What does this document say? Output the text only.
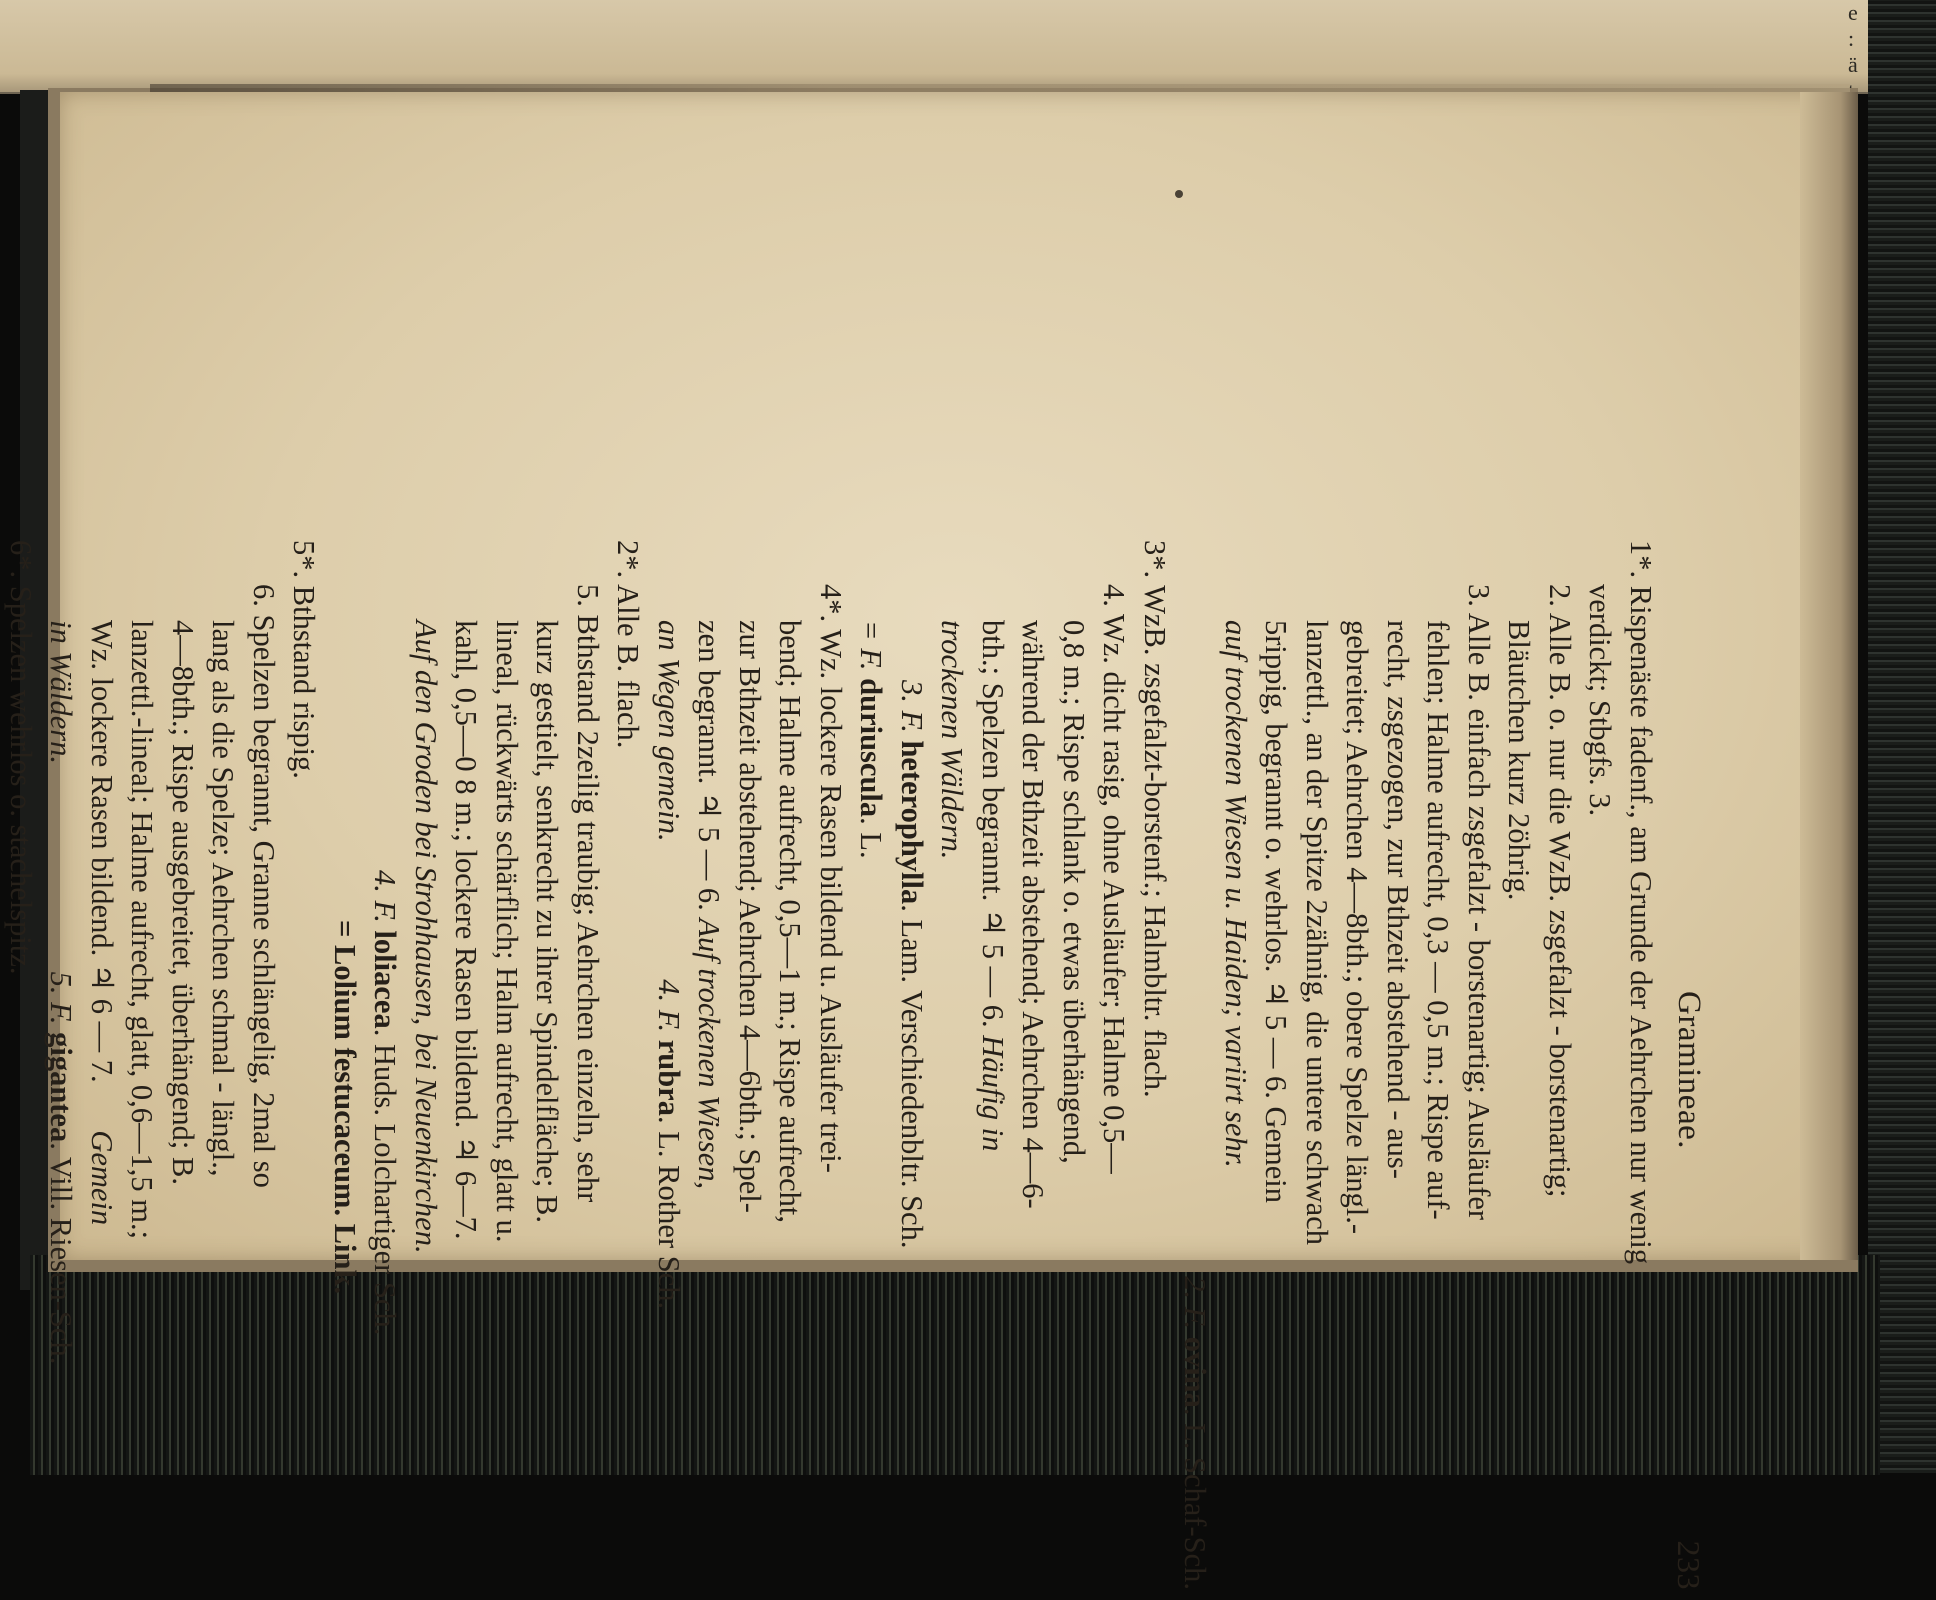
e
:
ä

Gramineae.
233
1*. Rispenäste fadenf., am Grunde der Aehrchen nur wenig
verdickt; Stbgfs. 3.
2. Alle B. o. nur die WzB. zsgefalzt - borstenartig;
Bläutchen kurz 2öhrig.
3. Alle B. einfach zsgefalzt - borstenartig; Ausläufer
fehlen; Halme aufrecht, 0,3 — 0,5 m.; Rispe auf-
recht, zsgezogen, zur Bthzeit abstehend - aus-
gebreitet; Aehrchen 4—8bth.; obere Spelze längl.-
lanzettl., an der Spitze 2zähnig, die untere schwach
5rippig, begrannt o. wehrlos. ♃ 5 — 6. Gemein
auf trockenen Wiesen u. Haiden; variirt sehr.
2. F. ovina. L. Schaf-Sch.
3*. WzB. zsgefalzt-borstenf.; Halmbltr. flach.
4. Wz. dicht rasig, ohne Ausläufer; Halme 0,5—
0,8 m.; Rispe schlank o. etwas überhängend,
während der Bthzeit abstehend; Aehrchen 4—6-
bth.; Spelzen begrannt. ♃ 5 — 6. Häufig in
trockenen Wäldern.
3. F. heterophylla. Lam. Verschiedenbltr. Sch.
= F. duriuscula. L.
4*. Wz. lockere Rasen bildend u. Ausläufer trei-
bend; Halme aufrecht, 0,5—1 m.; Rispe aufrecht,
zur Bthzeit abstehend; Aehrchen 4—6bth.; Spel-
zen begrannt. ♃ 5 — 6. Auf trockenen Wiesen,
an Wegen gemein. 4. F. rubra. L. Rother Sch.
2*. Alle B. flach.
5. Bthstand 2zeilig traubig; Aehrchen einzeln, sehr
kurz gestielt, senkrecht zu ihrer Spindelfläche; B.
lineal, rückwärts schärflich; Halm aufrecht, glatt u.
kahl, 0,5—0 8 m.; lockere Rasen bildend. ♃ 6—7.
Auf den Groden bei Strohhausen, bei Neuenkirchen.
4. F. loliacea. Huds. Lolchartiger Sch.
= Lolium festucaceum. Link.
5*. Bthstand rispig.
6. Spelzen begrannt, Granne schlängelig, 2mal so
lang als die Spelze; Aehrchen schmal - längl.,
4—8bth.; Rispe ausgebreitet, überhängend; B.
lanzettl.-lineal; Halme aufrecht, glatt, 0,6—1,5 m.;
Wz. lockere Rasen bildend. ♃ 6 — 7. Gemein
in Wäldern. 5. F. gigantea. Vill. Riesen-Sch.
6*. Spelzen wehrlos o. stachelspitz.
